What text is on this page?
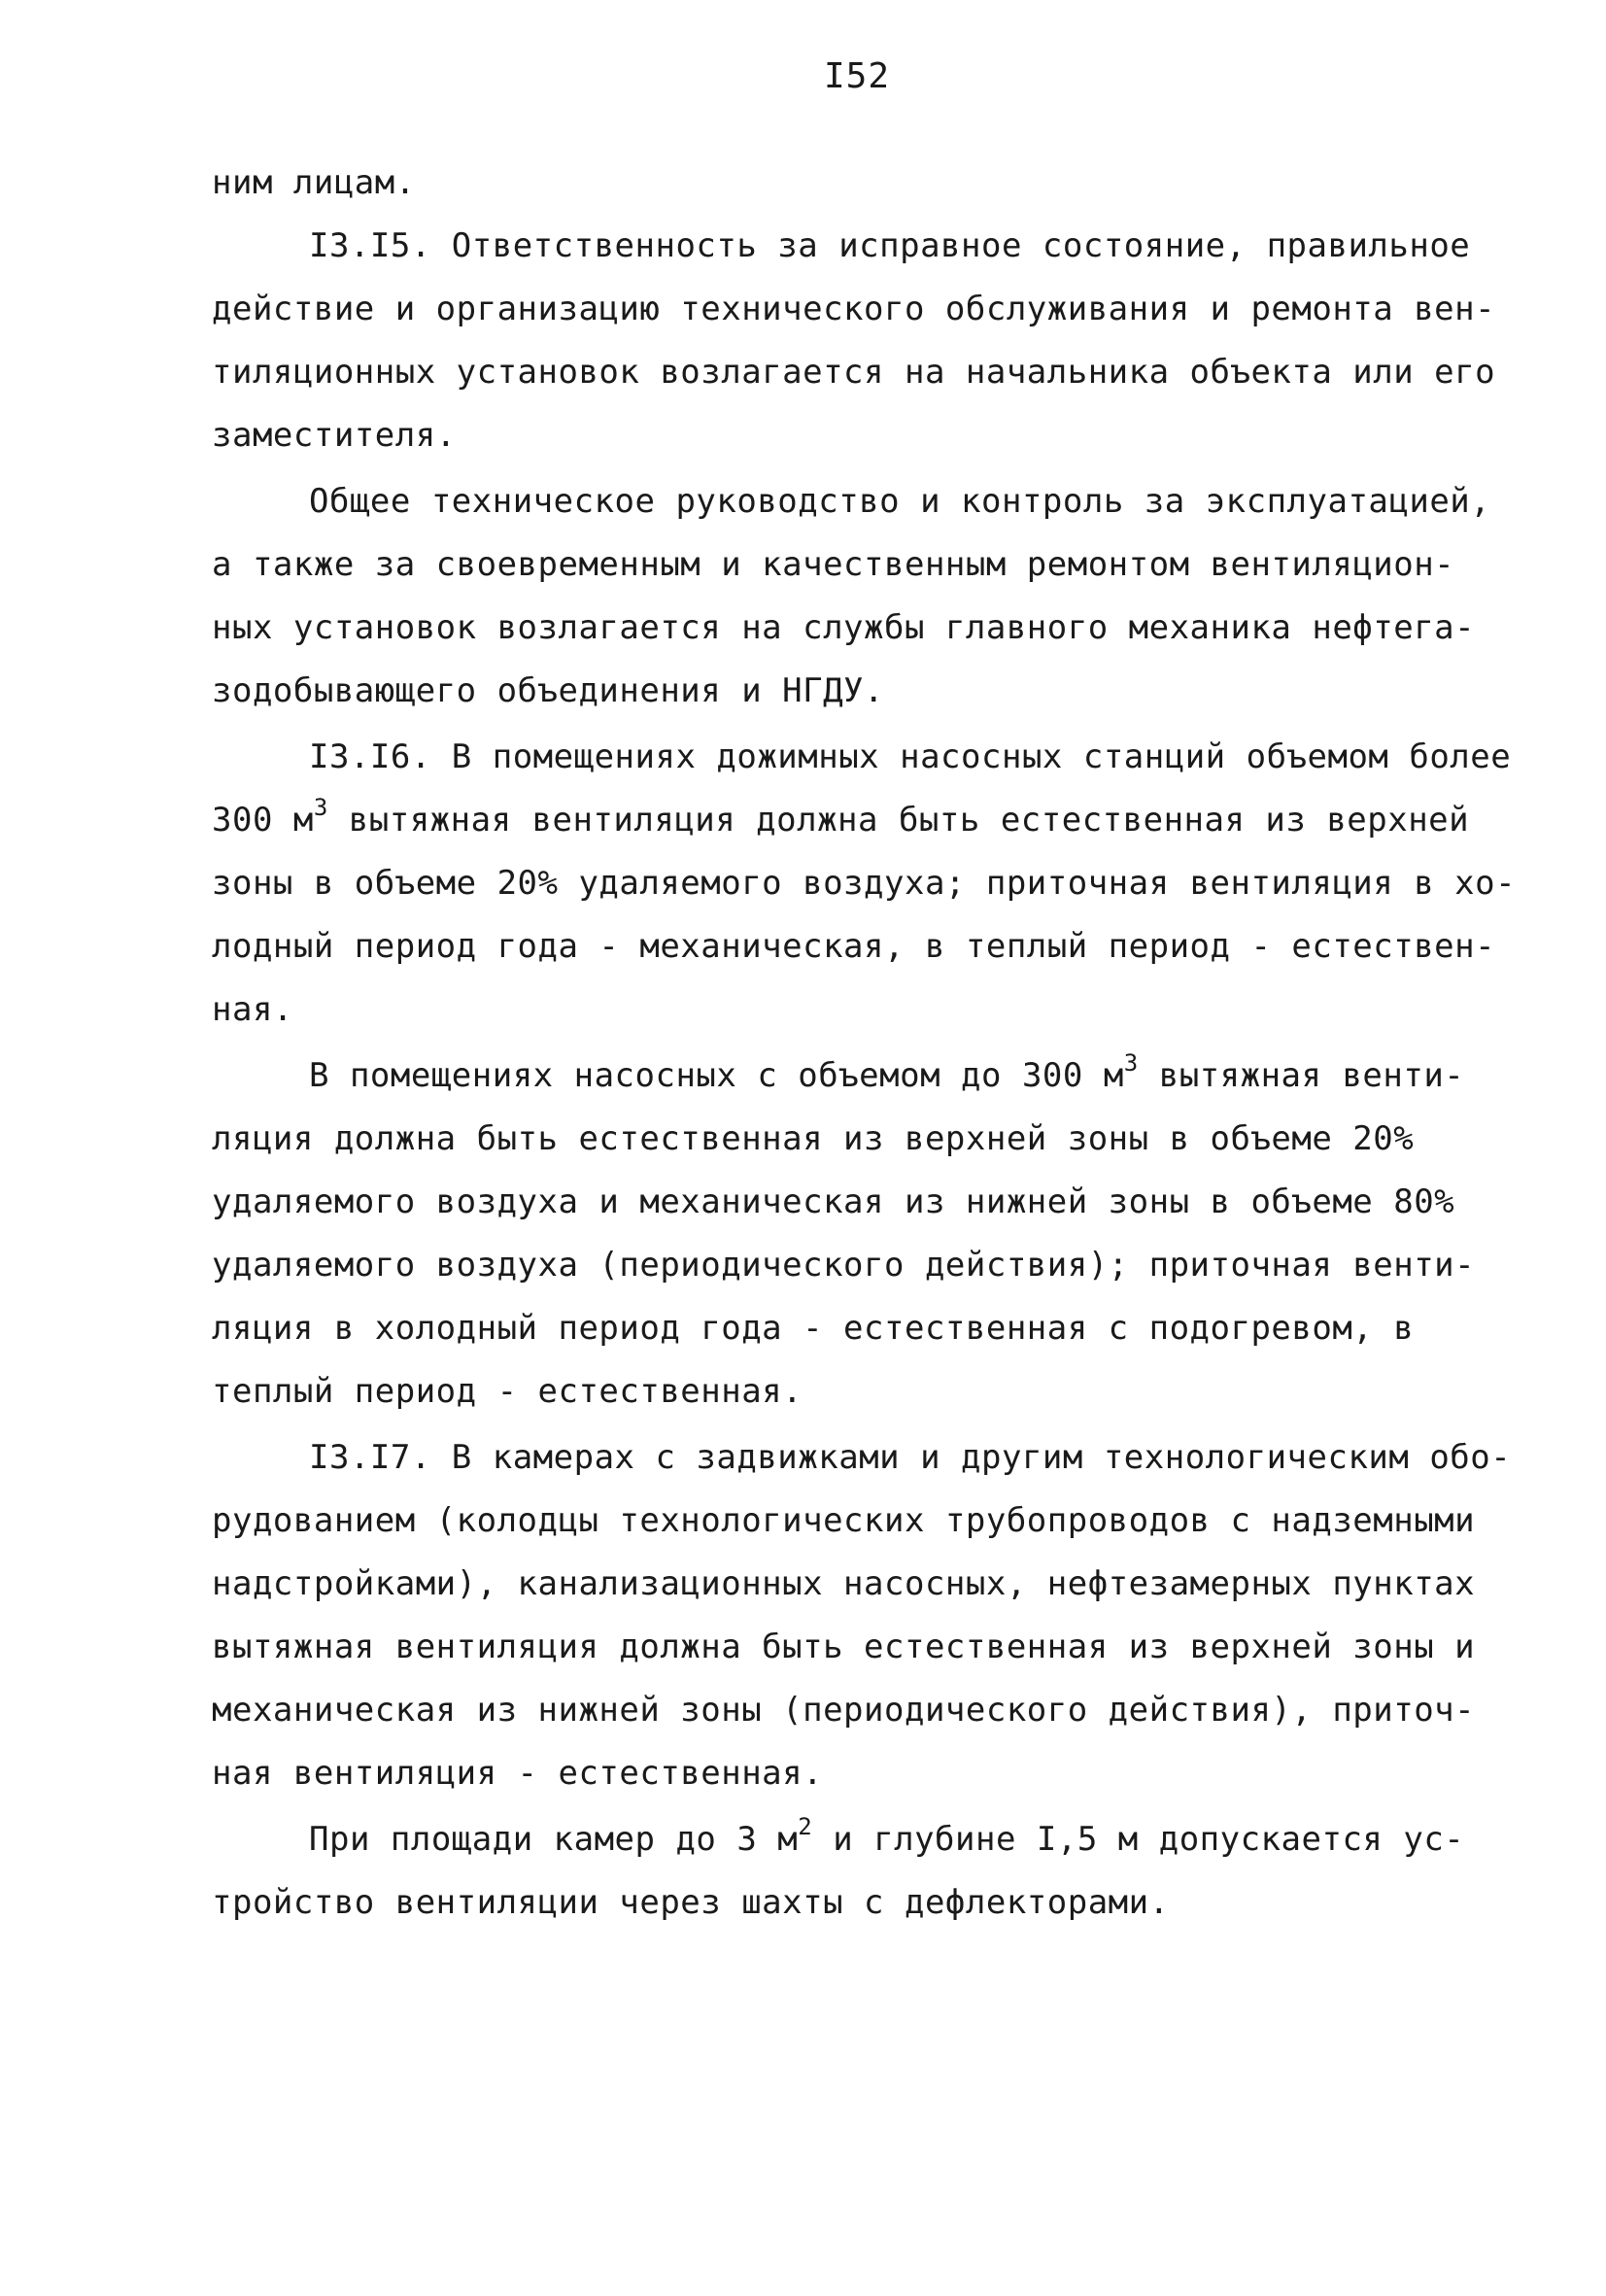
I52
ним лицам.
I3.I5. Ответственность за исправное состояние, правильное
действие и организацию технического обслуживания и ремонта вен-
тиляционных установок возлагается на начальника объекта или его
заместителя.
Общее техническое руководство и контроль за эксплуатацией,
а также за своевременным и качественным ремонтом вентиляцион-
ных установок возлагается на службы главного механика нефтега-
зодобывающего объединения и НГДУ.
I3.I6. В помещениях дожимных насосных станций объемом более
300 $м^3$ вытяжная вентиляция должна быть естественная из верхней
зоны в объеме 20% удаляемого воздуха; приточная вентиляция в хо-
лодный период года - механическая, в теплый период - естествен-
ная.
В помещениях насосных с объемом до 300 $м^3$ вытяжная венти-
ляция должна быть естественная из верхней зоны в объеме 20%
удаляемого воздуха и механическая из нижней зоны в объеме 80%
удаляемого воздуха (периодического действия); приточная венти-
ляция в холодный период года - естественная с подогревом, в
теплый период - естественная.
I3.I7. В камерах с задвижками и другим технологическим обо-
рудованием (колодцы технологических трубопроводов с надземными
надстройками), канализационных насосных, нефтезамерных пунктах
вытяжная вентиляция должна быть естественная из верхней зоны и
механическая из нижней зоны (периодического действия), приточ-
ная вентиляция - естественная.
При площади камер до 3 $м^2$ и глубине I,5 м допускается ус-
тройство вентиляции через шахты с дефлекторами.
